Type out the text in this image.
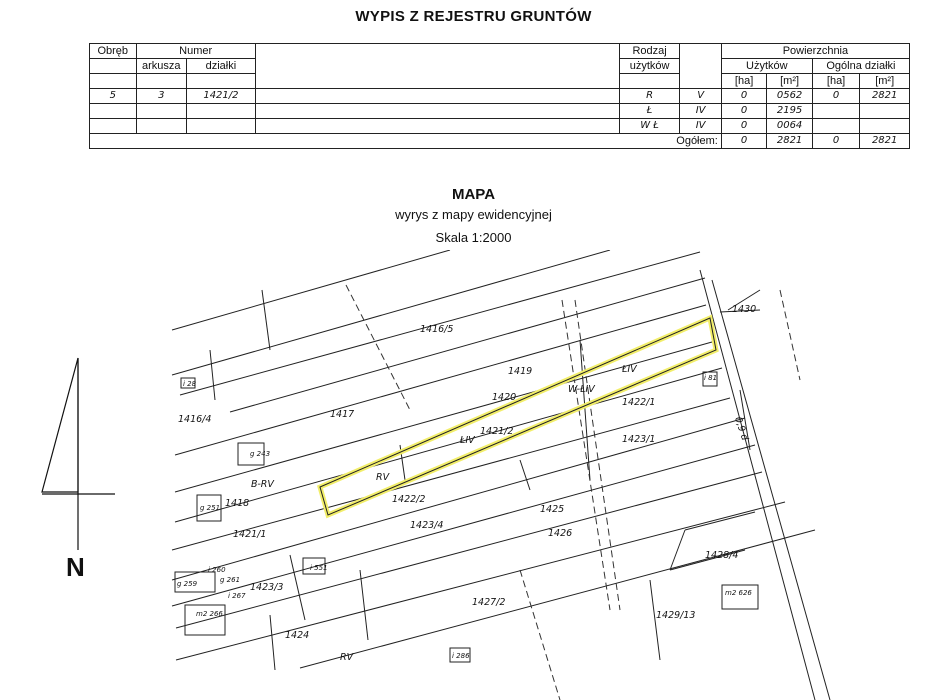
WYPIS Z REJESTRU GRUNTÓW
Obręb	Numer			Rodzaj		Powierzchnia			
	arkusza	działki		użytków		Użytków		Ogólna działki	
						[ha]	[m²]	[ha]	[m²]
5	3	1421/2		R	V	0	0562	0	2821
				Ł	IV	0	2195		
				W Ł	IV	0	0064		
Ogółem:						0	2821	0	2821
MAPA
wyrys z mapy ewidencyjnej
Skala 1:2000
1416/5
1416/4	1417
1418
1419
1420
1421/1
1421/2
1422/1
1422/2
1423/1
1423/3
1423/4
1424
1425
1426
1427/2
1428/4
1429/13
1430
0,9 d
RV
RV
B-RV
ŁIV
ŁIV
W-ŁIV
i 28
g 243
g 251
i 551
g 259
i 260
g 261
i 267
m2 266
m2 626
i 286
i 81
N
